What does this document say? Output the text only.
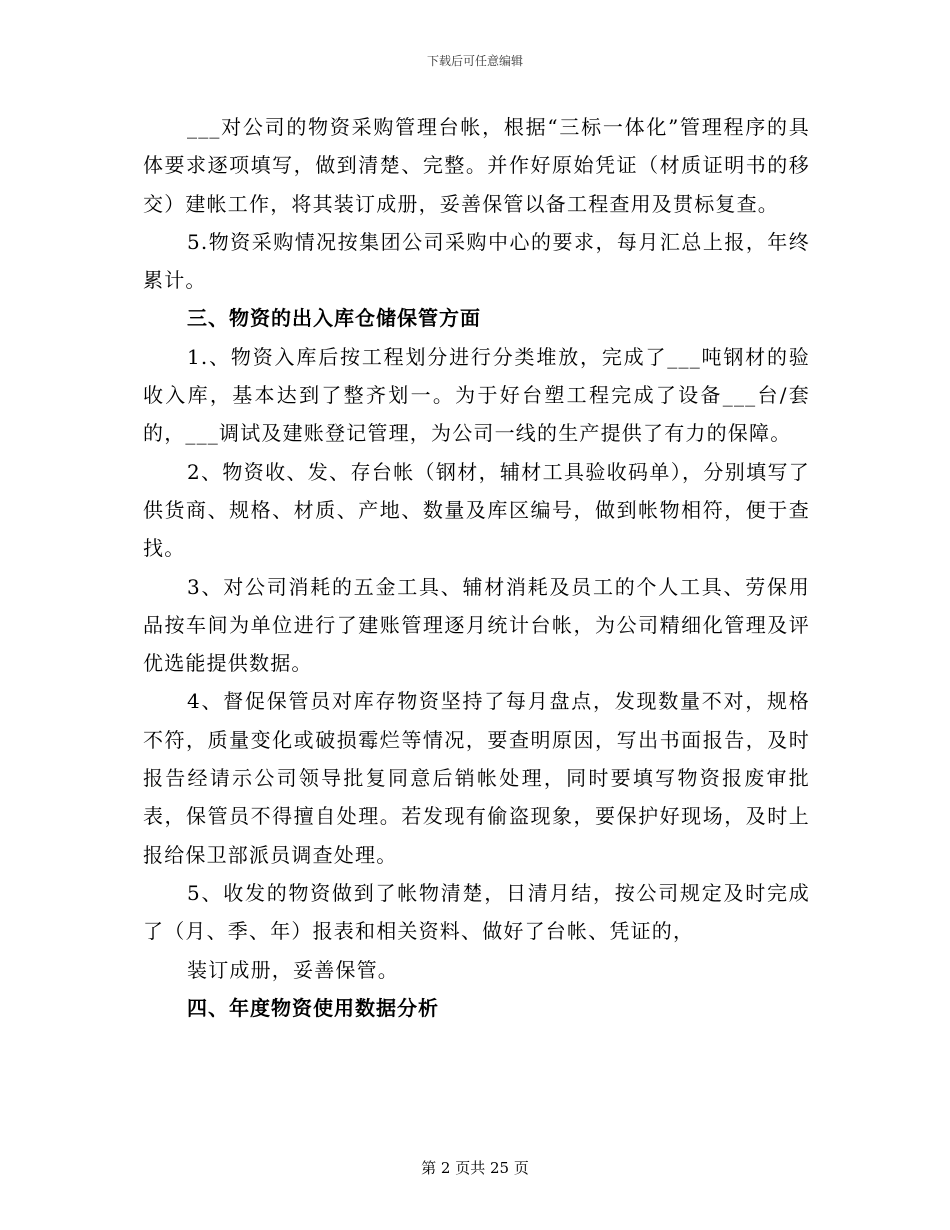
下载后可任意编辑

___对公司的物资采购管理台帐，根据“三标一体化”管理程序的具体要求逐项填写，做到清楚、完整。并作好原始凭证（材质证明书的移交）建帐工作，将其装订成册，妥善保管以备工程查用及贯标复查。

5.物资采购情况按集团公司采购中心的要求，每月汇总上报，年终累计。

三、物资的出入库仓储保管方面

1.、物资入库后按工程划分进行分类堆放，完成了___吨钢材的验收入库，基本达到了整齐划一。为于好台塑工程完成了设备___台/套的，___调试及建账登记管理，为公司一线的生产提供了有力的保障。

2、物资收、发、存台帐（钢材，辅材工具验收码单），分别填写了供货商、规格、材质、产地、数量及库区编号，做到帐物相符，便于查找。

3、对公司消耗的五金工具、辅材消耗及员工的个人工具、劳保用品按车间为单位进行了建账管理逐月统计台帐，为公司精细化管理及评优选能提供数据。

4、督促保管员对库存物资坚持了每月盘点，发现数量不对，规格不符，质量变化或破损霉烂等情况，要查明原因，写出书面报告，及时报告经请示公司领导批复同意后销帐处理，同时要填写物资报废审批表，保管员不得擅自处理。若发现有偷盗现象，要保护好现场，及时上报给保卫部派员调查处理。

5、收发的物资做到了帐物清楚，日清月结，按公司规定及时完成了（月、季、年）报表和相关资料、做好了台帐、凭证的，

装订成册，妥善保管。

四、年度物资使用数据分析

第 2 页共 25 页
